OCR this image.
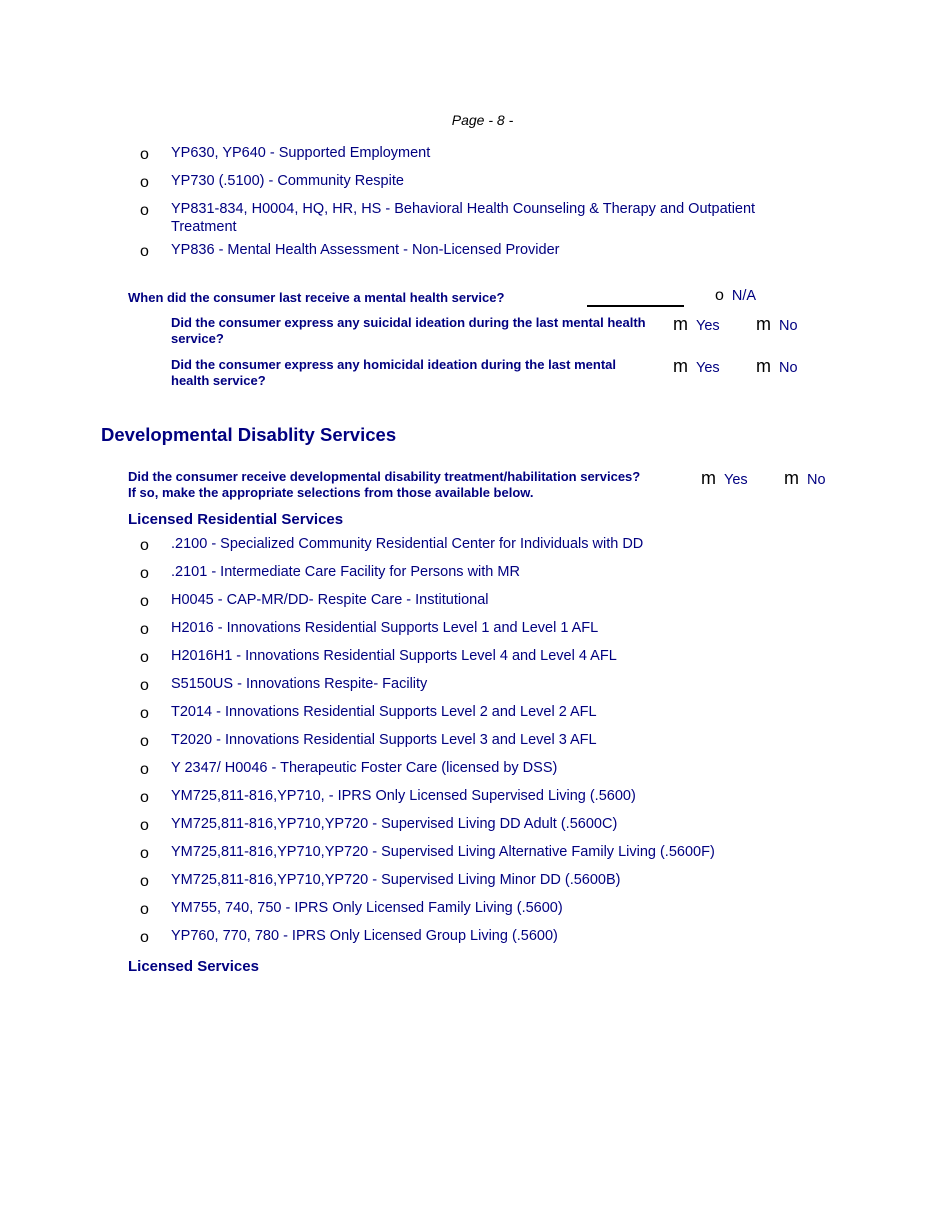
Page - 8 -
o	YP630, YP640 - Supported Employment
o	YP730 (.5100) - Community Respite
o	YP831-834, H0004, HQ, HR, HS - Behavioral Health Counseling & Therapy and Outpatient Treatment
o	YP836 - Mental Health Assessment - Non-Licensed Provider
When did the consumer last receive a mental health service?	o N/A
Did the consumer express any suicidal ideation during the last mental health service?
m Yes m No
Did the consumer express any homicidal ideation during the last mental health service?
m Yes m No
Developmental Disablity Services
Did the consumer receive developmental disability treatment/habilitation services?
If so, make the appropriate selections from those available below.
m Yes m No
Licensed Residential Services
o	.2100 - Specialized Community Residential Center for Individuals with DD
o	.2101 - Intermediate Care Facility for Persons with MR
o	H0045 - CAP-MR/DD- Respite Care - Institutional
o	H2016 - Innovations Residential Supports Level 1 and Level 1 AFL
o	H2016H1 - Innovations Residential Supports Level 4 and Level 4 AFL
o	S5150US - Innovations Respite- Facility
o	T2014 - Innovations Residential Supports Level 2 and Level 2 AFL
o	T2020 - Innovations Residential Supports Level 3 and Level 3 AFL
o	Y 2347/ H0046 - Therapeutic Foster Care (licensed by DSS)
o	YM725,811-816,YP710, - IPRS Only Licensed Supervised Living (.5600)
o	YM725,811-816,YP710,YP720 - Supervised Living DD Adult (.5600C)
o	YM725,811-816,YP710,YP720 - Supervised Living Alternative Family Living (.5600F)
o	YM725,811-816,YP710,YP720 - Supervised Living Minor DD (.5600B)
o	YM755, 740, 750 - IPRS Only Licensed Family Living (.5600)
o	YP760, 770, 780 - IPRS Only Licensed Group Living (.5600)
Licensed Services
